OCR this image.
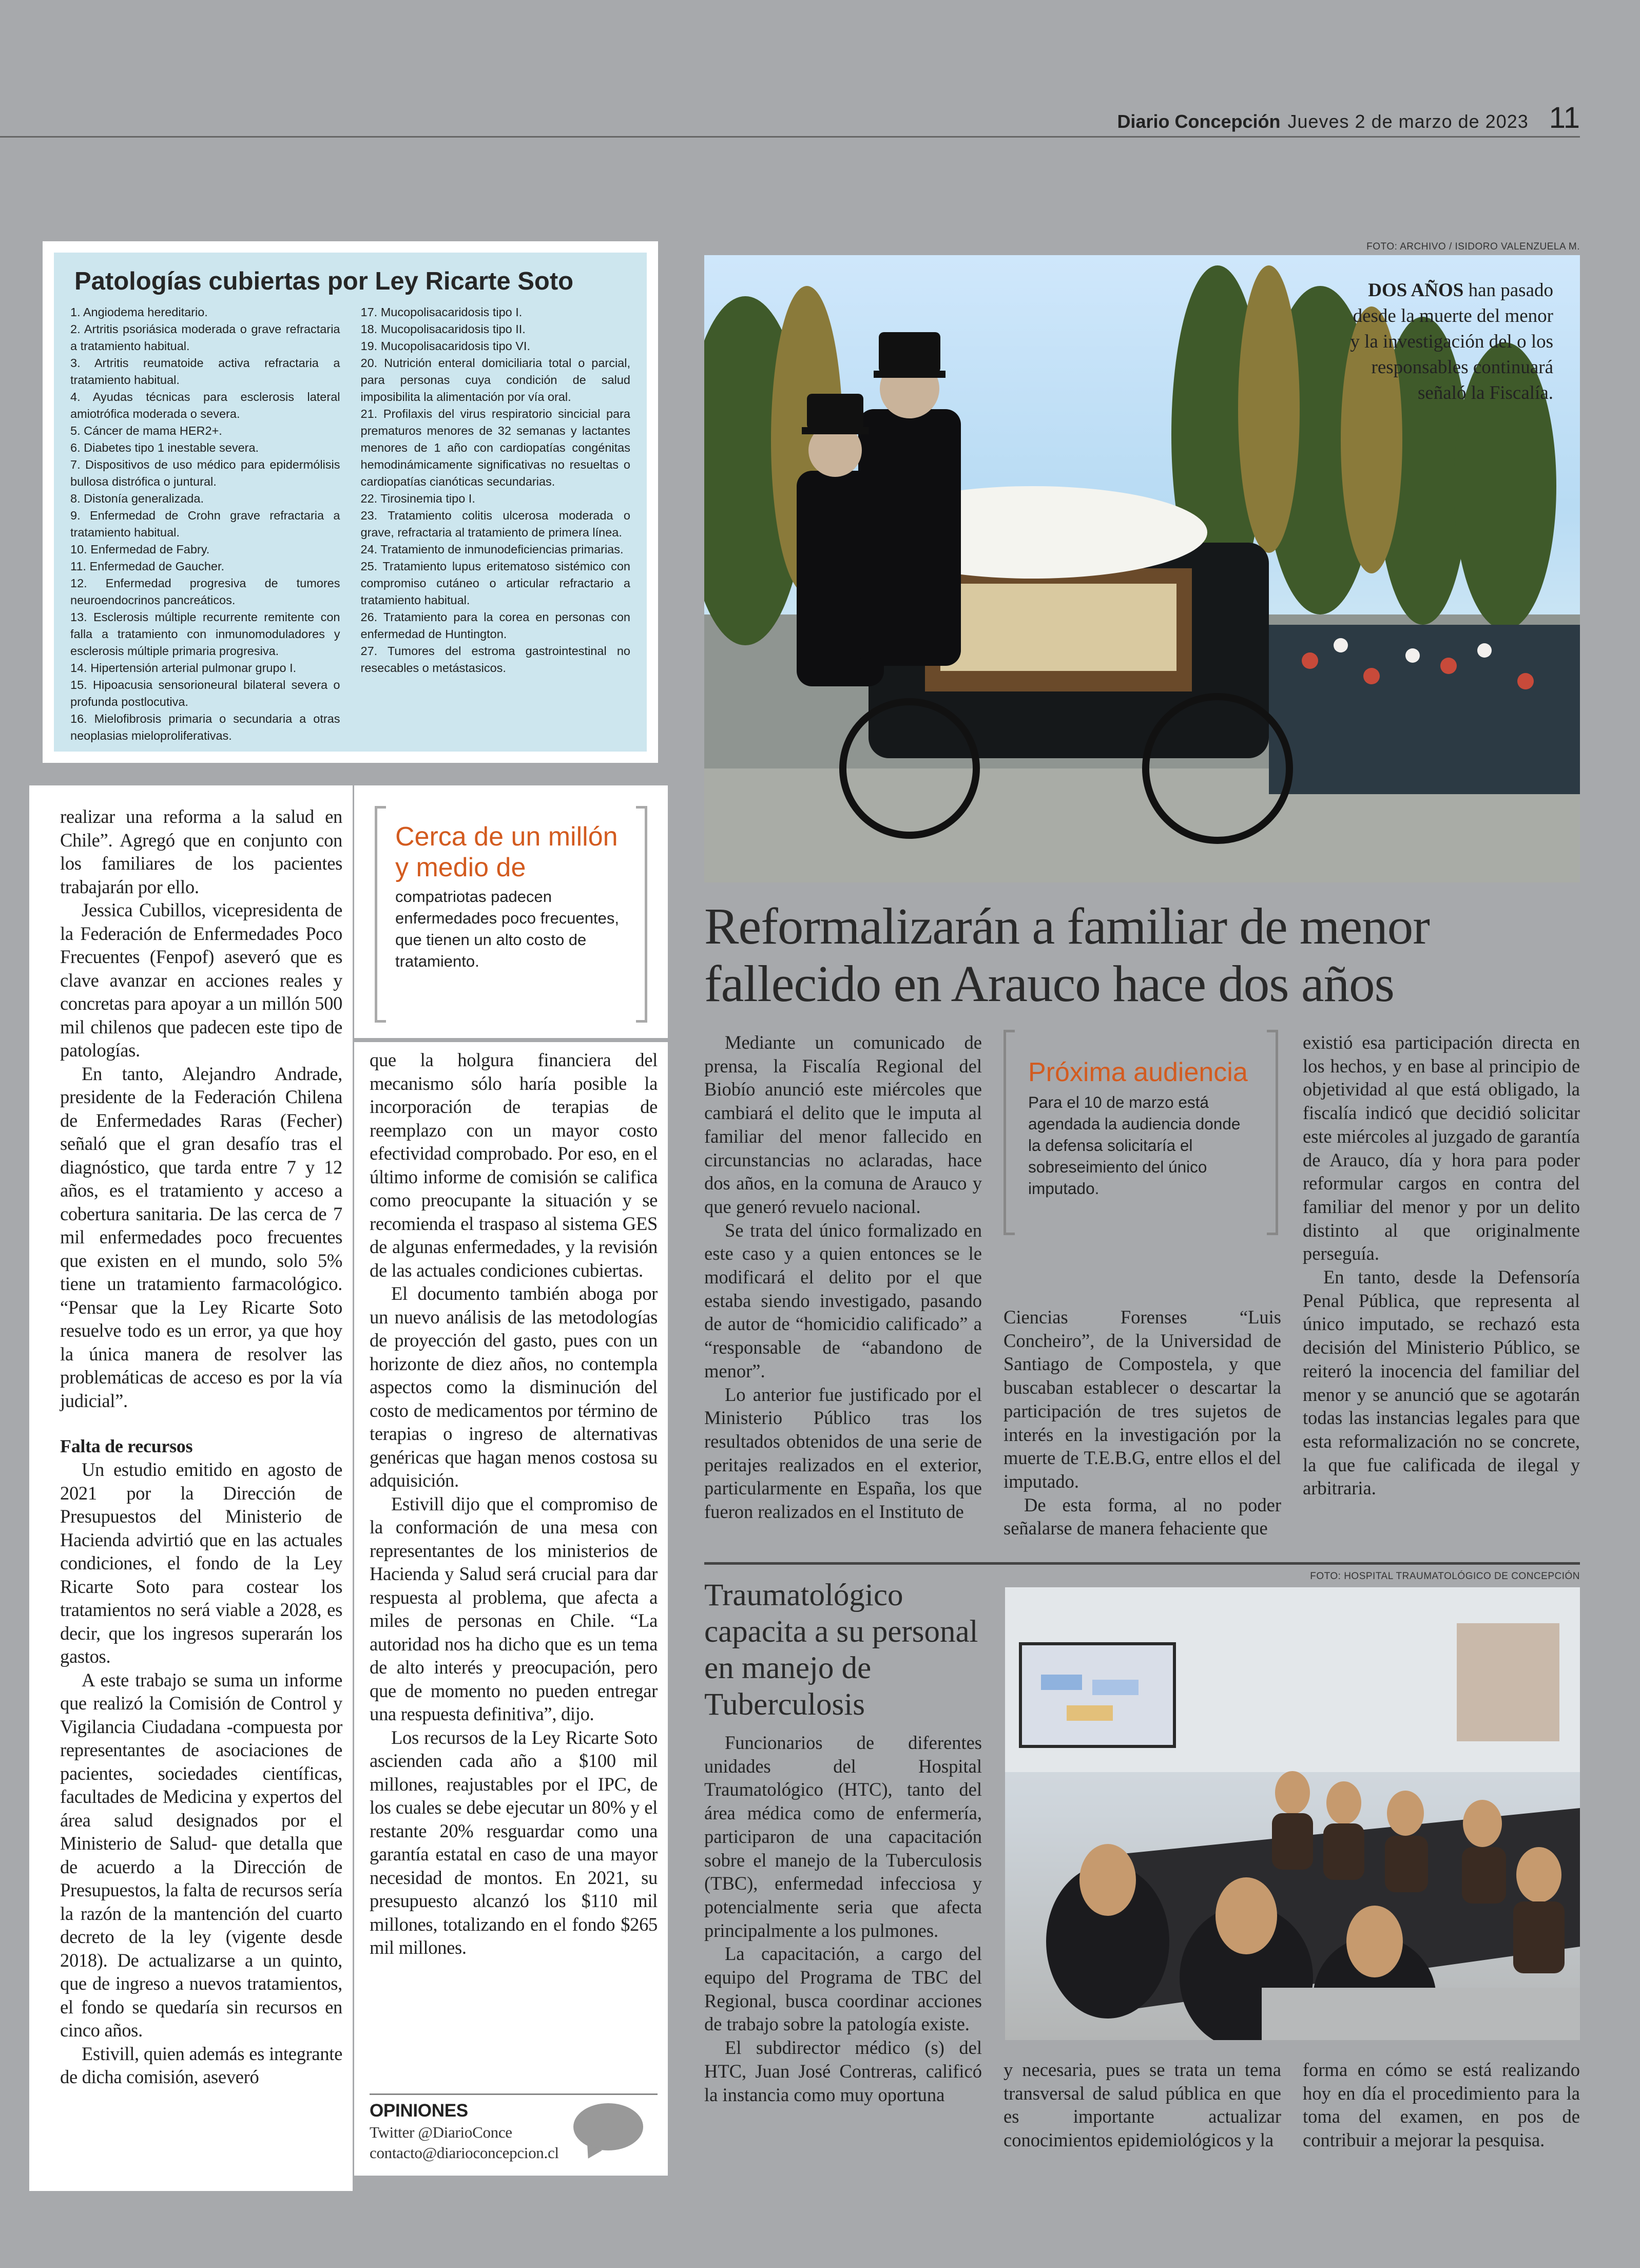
Diario Concepción Jueves 2 de marzo de 2023 11
Patologías cubiertas por Ley Ricarte Soto

1. Angiodema hereditario.

2. Artritis psoriásica moderada o grave refractaria a tratamiento habitual.

3. Artritis reumatoide activa refractaria a tratamiento habitual.

4. Ayudas técnicas para esclerosis lateral amiotrófica moderada o severa.

5. Cáncer de mama HER2+.

6. Diabetes tipo 1 inestable severa.

7. Dispositivos de uso médico para epidermólisis bullosa distrófica o juntural.

8. Distonía generalizada.

9. Enfermedad de Crohn grave refractaria a tratamiento habitual.

10. Enfermedad de Fabry.

11. Enfermedad de Gaucher.

12. Enfermedad progresiva de tumores neuroendocrinos pancreáticos.

13. Esclerosis múltiple recurrente remitente con falla a tratamiento con inmunomoduladores y esclerosis múltiple primaria progresiva.

14. Hipertensión arterial pulmonar grupo I.

15. Hipoacusia sensorioneural bilateral severa o profunda postlocutiva.

16. Mielofibrosis primaria o secundaria a otras neoplasias mieloproliferativas.

17. Mucopolisacaridosis tipo I.

18. Mucopolisacaridosis tipo II.

19. Mucopolisacaridosis tipo VI.

20. Nutrición enteral domiciliaria total o parcial, para personas cuya condición de salud imposibilita la alimentación por vía oral.

21. Profilaxis del virus respiratorio sincicial para prematuros menores de 32 semanas y lactantes menores de 1 año con cardiopatías congénitas hemodinámicamente significativas no resueltas o cardiopatías cianóticas secundarias.

22. Tirosinemia tipo I.

23. Tratamiento colitis ulcerosa moderada o grave, refractaria al tratamiento de primera línea.

24. Tratamiento de inmunodeficiencias primarias.

25. Tratamiento lupus eritematoso sistémico con compromiso cutáneo o articular refractario a tratamiento habitual.

26. Tratamiento para la corea en personas con enfermedad de Huntington.

27. Tumores del estroma gastrointestinal no resecables o metástasicos.

realizar una reforma a la salud en Chile”. Agregó que en conjunto con los familiares de los pacientes trabajarán por ello.

Jessica Cubillos, vicepresidenta de la Federación de Enfermedades Poco Frecuentes (Fenpof) aseveró que es clave avanzar en acciones reales y concretas para apoyar a un millón 500 mil chilenos que padecen este tipo de patologías.

En tanto, Alejandro Andrade, presidente de la Federación Chilena de Enfermedades Raras (Fecher) señaló que el gran desafío tras el diagnóstico, que tarda entre 7 y 12 años, es el tratamiento y acceso a cobertura sanitaria. De las cerca de 7 mil enfermedades poco frecuentes que existen en el mundo, solo 5% tiene un tratamiento farmacológico. “Pensar que la Ley Ricarte Soto resuelve todo es un error, ya que hoy la única manera de resolver las problemáticas de acceso es por la vía judicial”.

Falta de recursos

Un estudio emitido en agosto de 2021 por la Dirección de Presupuestos del Ministerio de Hacienda advirtió que en las actuales condiciones, el fondo de la Ley Ricarte Soto para costear los tratamientos no será viable a 2028, es decir, que los ingresos superarán los gastos.

A este trabajo se suma un informe que realizó la Comisión de Control y Vigilancia Ciudadana -compuesta por representantes de asociaciones de pacientes, sociedades científicas, facultades de Medicina y expertos del área salud designados por el Ministerio de Salud- que detalla que de acuerdo a la Dirección de Presupuestos, la falta de recursos sería la razón de la mantención del cuarto decreto de la ley (vigente desde 2018). De actualizarse a un quinto, que de ingreso a nuevos tratamientos, el fondo se quedaría sin recursos en cinco años.

Estivill, quien además es integrante de dicha comisión, aseveró

Cerca de un millón y medio de
compatriotas padecen enfermedades poco frecuentes, que tienen un alto costo de tratamiento.

que la holgura financiera del mecanismo sólo haría posible la incorporación de terapias de reemplazo con un mayor costo efectividad comprobado. Por eso, en el último informe de comisión se califica como preocupante la situación y se recomienda el traspaso al sistema GES de algunas enfermedades, y la revisión de las actuales condiciones cubiertas.

El documento también aboga por un nuevo análisis de las metodologías de proyección del gasto, pues con un horizonte de diez años, no contempla aspectos como la disminución del costo de medicamentos por término de terapias o ingreso de alternativas genéricas que hagan menos costosa su adquisición.

Estivill dijo que el compromiso de la conformación de una mesa con representantes de los ministerios de Hacienda y Salud será crucial para dar respuesta al problema, que afecta a miles de personas en Chile. “La autoridad nos ha dicho que es un tema de alto interés y preocupación, pero que de momento no pueden entregar una respuesta definitiva”, dijo.

Los recursos de la Ley Ricarte Soto ascienden cada año a $100 mil millones, reajustables por el IPC, de los cuales se debe ejecutar un 80% y el restante 20% resguardar como una garantía estatal en caso de una mayor necesidad de montos. En 2021, su presupuesto alcanzó los $110 mil millones, totalizando en el fondo $265 mil millones.

OPINIONES
Twitter @DiarioConce
contacto@diarioconcepcion.cl
FOTO: ARCHIVO / ISIDORO VALENZUELA M.
DOS AÑOS han pasado desde la muerte del menor y la investigación del o los responsables continuará señaló la Fiscalía.
Reformalizarán a familiar de menor fallecido en Arauco hace dos años

Mediante un comunicado de prensa, la Fiscalía Regional del Biobío anunció este miércoles que cambiará el delito que le imputa al familiar del menor fallecido en circunstancias no aclaradas, hace dos años, en la comuna de Arauco y que generó revuelo nacional.

Se trata del único formalizado en este caso y a quien entonces se le modificará el delito por el que estaba siendo investigado, pasando de autor de “homicidio calificado” a “responsable de “abandono de menor”.

Lo anterior fue justificado por el Ministerio Público tras los resultados obtenidos de una serie de peritajes realizados en el exterior, particularmente en España, los que fueron realizados en el Instituto de

Próxima audiencia
Para el 10 de marzo está agendada la audiencia donde la defensa solicitaría el sobreseimiento del único imputado.

Ciencias Forenses “Luis Concheiro”, de la Universidad de Santiago de Compostela, y que buscaban establecer o descartar la participación de tres sujetos de interés en la investigación por la muerte de T.E.B.G, entre ellos el del imputado.

De esta forma, al no poder señalarse de manera fehaciente que

existió esa participación directa en los hechos, y en base al principio de objetividad al que está obligado, la fiscalía indicó que decidió solicitar este miércoles al juzgado de garantía de Arauco, día y hora para poder reformular cargos en contra del familiar del menor y por un delito distinto al que originalmente perseguía.

En tanto, desde la Defensoría Penal Pública, que representa al único imputado, se rechazó esta decisión del Ministerio Público, se reiteró la inocencia del familiar del menor y se anunció que se agotarán todas las instancias legales para que esta reformalización no se concrete, la que fue calificada de ilegal y arbitraria.

Traumatológico capacita a su personal en manejo de Tuberculosis

Funcionarios de diferentes unidades del Hospital Traumatológico (HTC), tanto del área médica como de enfermería, participaron de una capacitación sobre el manejo de la Tuberculosis (TBC), enfermedad infecciosa y potencialmente seria que afecta principalmente a los pulmones.

La capacitación, a cargo del equipo del Programa de TBC del Regional, busca coordinar acciones de trabajo sobre la patología existe.

El subdirector médico (s) del HTC, Juan José Contreras, calificó la instancia como muy oportuna

FOTO: HOSPITAL TRAUMATOLÓGICO DE CONCEPCIÓN

y necesaria, pues se trata un tema transversal de salud pública en que es importante actualizar conocimientos epidemiológicos y la

forma en cómo se está realizando hoy en día el procedimiento para la toma del examen, en pos de contribuir a mejorar la pesquisa.
